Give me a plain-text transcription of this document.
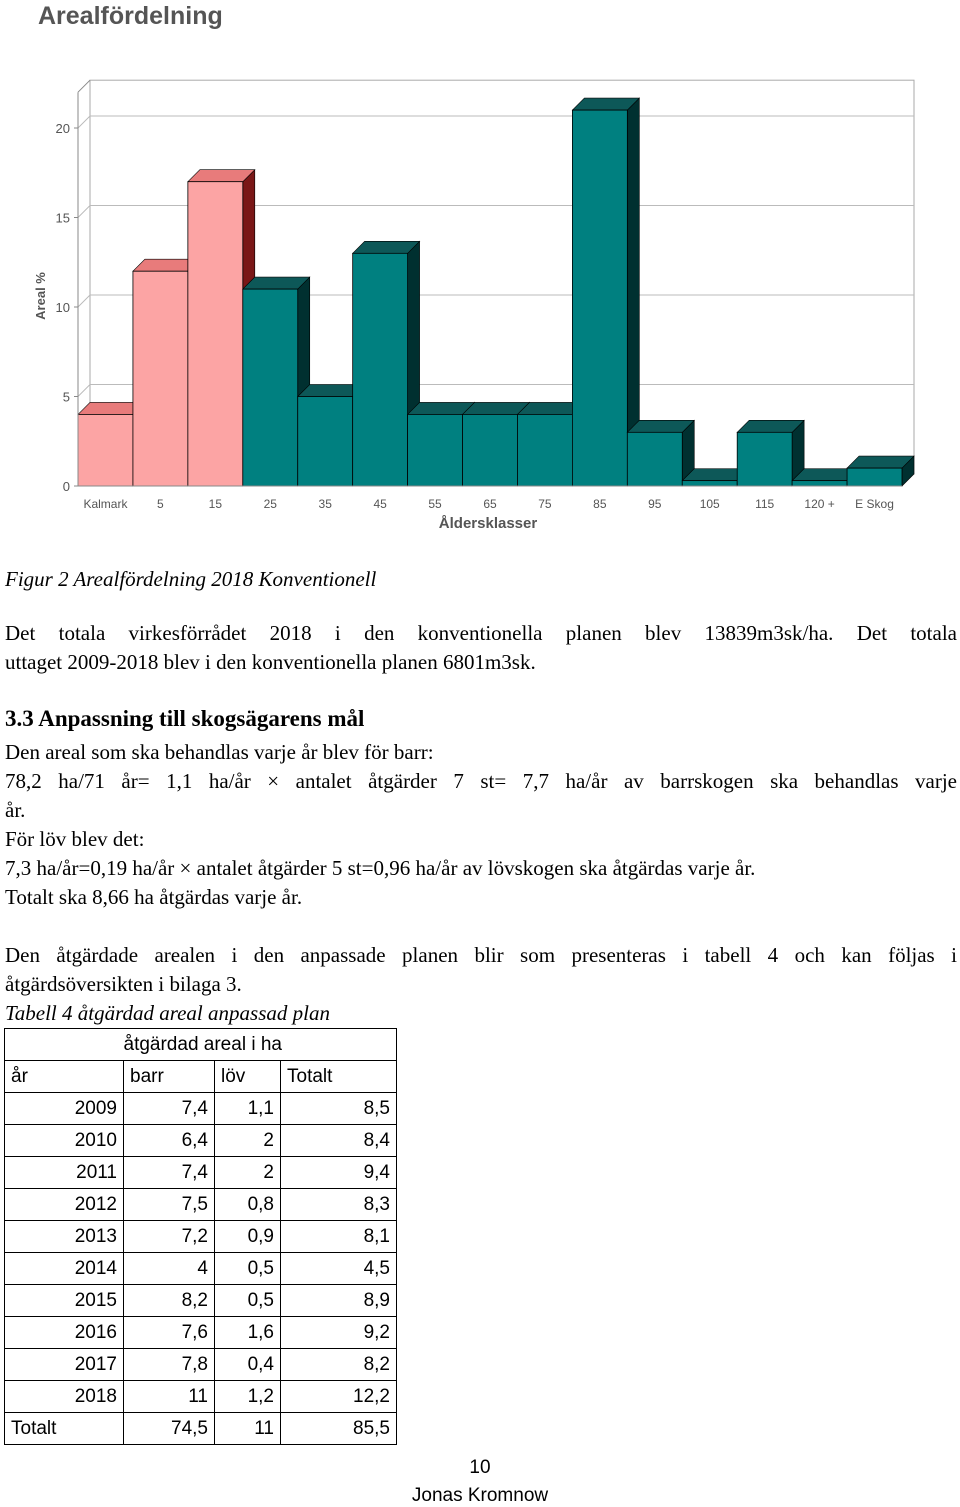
Arealfördelning
0
5
10
15
20
Kalmark 5	15	25	35	45	55	65	75	85	95	105	115	120 + E Skog
Areal %
Åldersklasser
Figur 2 Arealfördelning 2018 Konventionell
Det totala virkesförrådet 2018 i den konventionella planen blev 13839m3sk/ha. Det totala
uttaget 2009-2018 blev i den konventionella planen 6801m3sk.
3.3 Anpassning till skogsägarens mål
Den areal som ska behandlas varje år blev för barr:
78,2 ha/71 år= 1,1 ha/år × antalet åtgärder 7 st= 7,7 ha/år av barrskogen ska behandlas varje
år.
För löv blev det:
7,3 ha/år=0,19 ha/år × antalet åtgärder 5 st=0,96 ha/år av lövskogen ska åtgärdas varje år.
Totalt ska 8,66 ha åtgärdas varje år.
Den åtgärdade arealen i den anpassade planen blir som presenteras i tabell 4 och kan följas i
åtgärdsöversikten i bilaga 3.
Tabell 4 åtgärdad areal anpassad plan
	åtgärdad areal i ha		
år	barr	löv	Totalt
2009	7,4	1,1	8,5
2010	6,4	2	8,4
2011	7,4	2	9,4
2012	7,5	0,8	8,3
2013	7,2	0,9	8,1
2014	4	0,5	4,5
2015	8,2	0,5	8,9
2016	7,6	1,6	9,2
2017	7,8	0,4	8,2
2018	11	1,2	12,2
Totalt	74,5	11	85,5
10
Jonas Kromnow
